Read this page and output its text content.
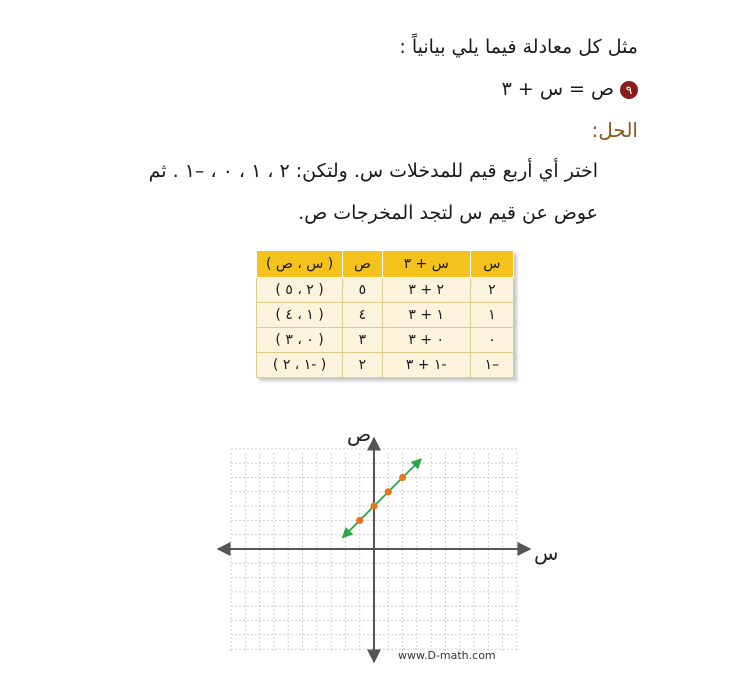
مثل كل معادلة فيما يلي بيانياً :
٩ص = س + ٣
الحل:
اختر أي أربع قيم للمدخلات س. ولتكن: ٢ ، ١ ، ٠ ، –١ . ثم
عوض عن قيم س لتجد المخرجات ص.
س	س + ٣	ص	( س ، ص )
٢	٢ + ٣	٥	( ٢ ، ٥ )
١	١ + ٣	٤	( ١ ، ٤ )
٠	٠ + ٣	٣	( ٠ ، ٣ )
–١	-١ + ٣	٢	( -١ ، ٢ )
س
ص
www.D-math.com
